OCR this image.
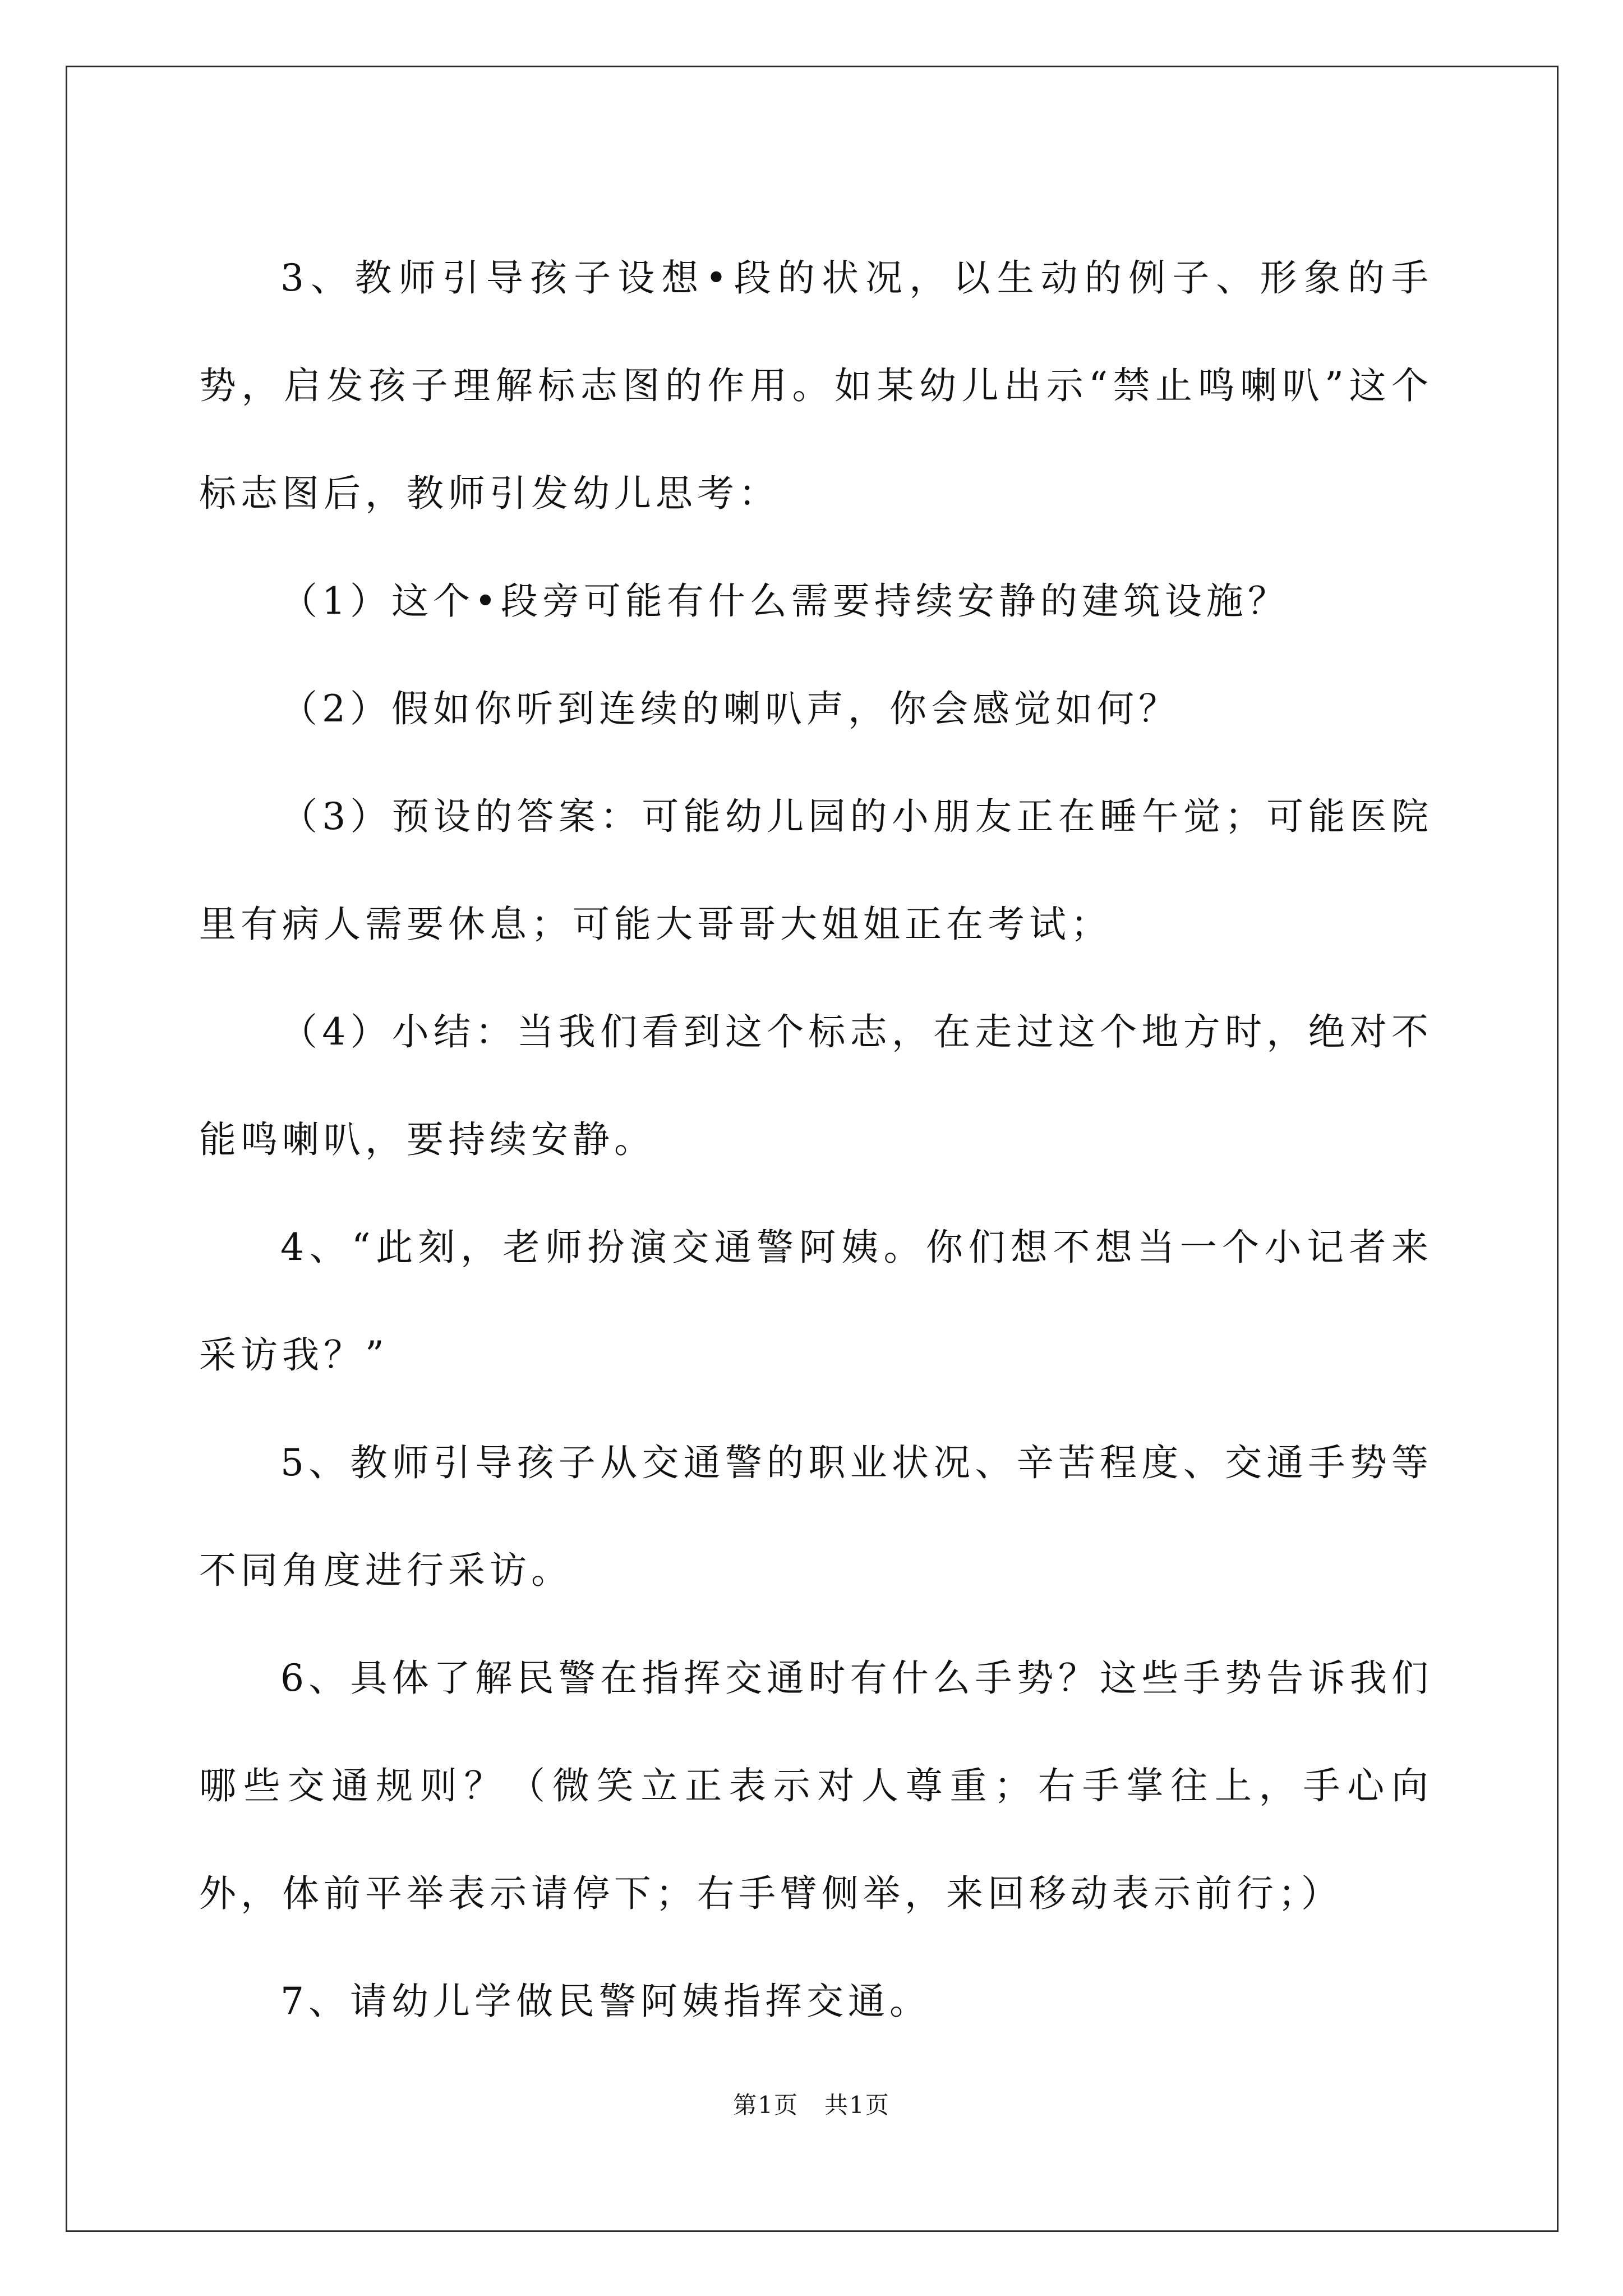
3、教师引导孩子设想•段的状况，以生动的例子、形象的手势，启发孩子理解标志图的作用。如某幼儿出示“禁止鸣喇叭”这个标志图后，教师引发幼儿思考：

（1）这个•段旁可能有什么需要持续安静的建筑设施？

（2）假如你听到连续的喇叭声，你会感觉如何？

（3）预设的答案：可能幼儿园的小朋友正在睡午觉；可能医院里有病人需要休息；可能大哥哥大姐姐正在考试；

（4）小结：当我们看到这个标志，在走过这个地方时，绝对不能鸣喇叭，要持续安静。

4、“此刻，老师扮演交通警阿姨。你们想不想当一个小记者来采访我？”

5、教师引导孩子从交通警的职业状况、辛苦程度、交通手势等不同角度进行采访。

6、具体了解民警在指挥交通时有什么手势？这些手势告诉我们哪些交通规则？（微笑立正表示对人尊重；右手掌往上，手心向外，体前平举表示请停下；右手臂侧举，来回移动表示前行；）

7、请幼儿学做民警阿姨指挥交通。

第1页 共1页
